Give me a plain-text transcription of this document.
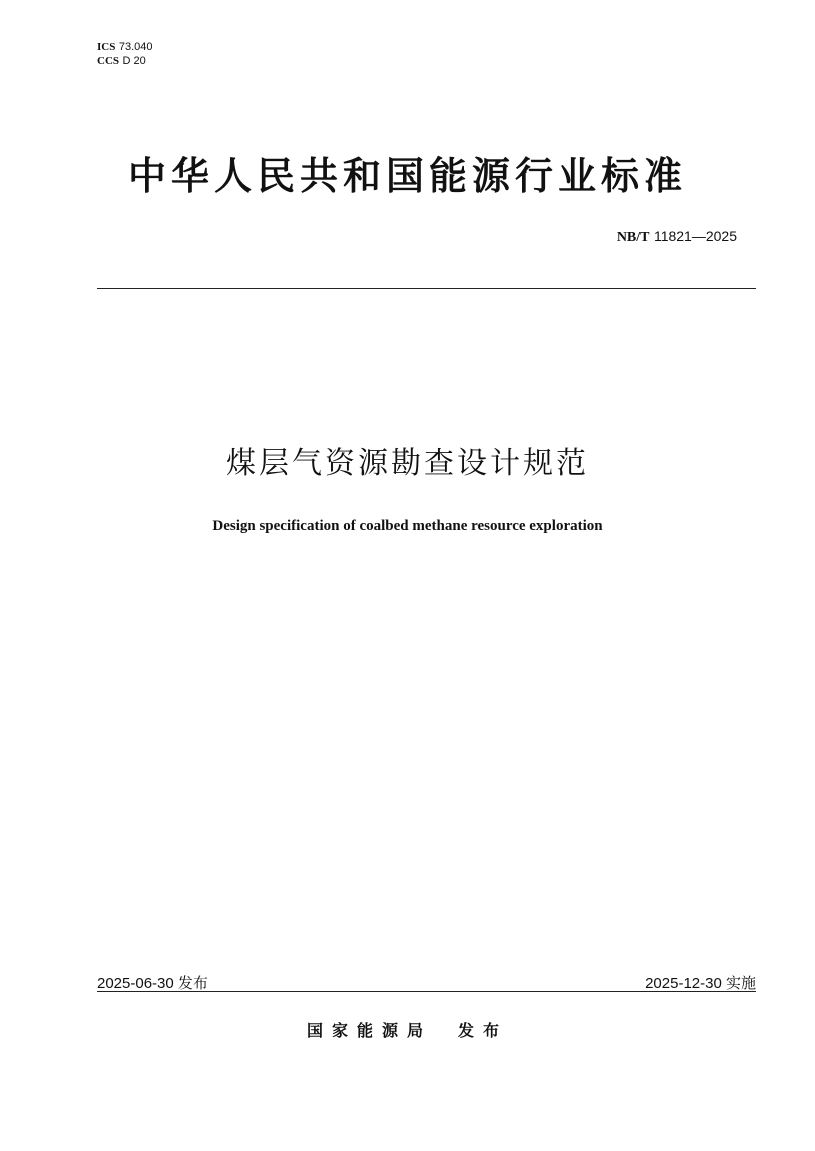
ICS 73.040
CCS D 20
中华人民共和国能源行业标准
NB/T 11821—2025
煤层气资源勘查设计规范
Design specification of coalbed methane resource exploration
2025-06-30 发布	2025-12-30 实施
国家能源局 发布
